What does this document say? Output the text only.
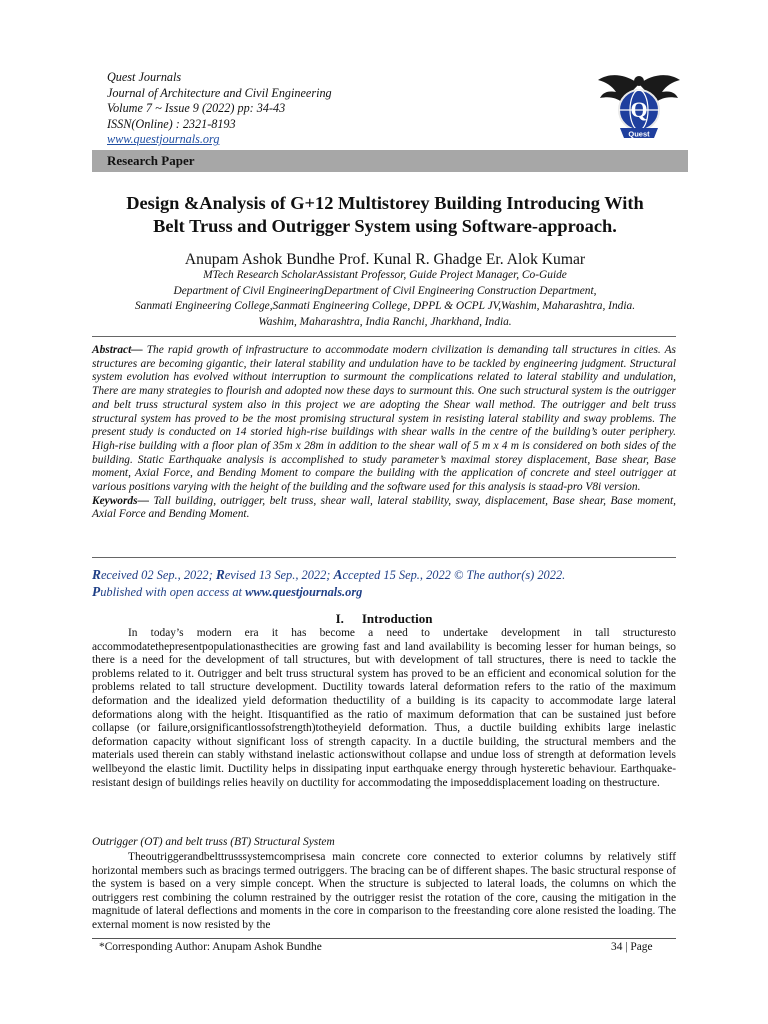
Quest Journals
Journal of Architecture and Civil Engineering
Volume 7 ~ Issue 9 (2022) pp: 34-43
ISSN(Online) : 2321-8193
www.questjournals.org
Q
Quest
Research Paper
Design &Analysis of G+12 Multistorey Building Introducing With
Belt Truss and Outrigger System using Software-approach.
Anupam Ashok Bundhe Prof. Kunal R. Ghadge Er. Alok Kumar
MTech Research ScholarAssistant Professor, Guide Project Manager, Co-Guide
Department of Civil EngineeringDepartment of Civil Engineering Construction Department,
Sanmati Engineering College,Sanmati Engineering College, DPPL & OCPL JV,Washim, Maharashtra, India.
Washim, Maharashtra, India Ranchi, Jharkhand, India.
Abstract— The rapid growth of infrastructure to accommodate modern civilization is demanding tall structures in cities. As structures are becoming gigantic, their lateral stability and undulation have to be tackled by engineering judgment. Structural system evolution has evolved without interruption to surmount the complications related to lateral stability and undulation, There are many strategies to flourish and adopted now these days to surmount this. One such structural system is the outrigger and belt truss structural system also in this project we are adopting the Shear wall method. The outrigger and belt truss structural system has proved to be the most promising structural system in resisting lateral stability and sway problems. The present study is conducted on 14 storied high-rise buildings with shear walls in the centre of the building’s outer periphery. High-rise building with a floor plan of 35m x 28m in addition to the shear wall of 5 m x 4 m is considered on both sides of the building. Static Earthquake analysis is accomplished to study parameter’s maximal storey displacement, Base shear, Base moment, Axial Force, and Bending Moment to compare the building with the application of concrete and steel outrigger at various positions varying with the height of the building and the software used for this analysis is staad-pro V8i version.
Keywords— Tall building, outrigger, belt truss, shear wall, lateral stability, sway, displacement, Base shear, Base moment, Axial Force and Bending Moment.
Received 02 Sep., 2022; Revised 13 Sep., 2022; Accepted 15 Sep., 2022 © The author(s) 2022.
Published with open access at www.questjournals.org
I. Introduction

In today’s modern era it has become a need to undertake development in tall structuresto accommodatethepresentpopulationasthecities are growing fast and land availability is becoming lesser for human beings, so there is a need for the development of tall structures, but with development of tall structures, there is need to tackle the problems related to it. Outrigger and belt truss structural system has proved to be an efficient and economical solution for the problems related to tall structure development. Ductility towards lateral deformation refers to the ratio of the maximum deformation and the idealized yield deformation theductility of a building is its capacity to accommodate large lateral deformations along with the height. Itisquantified as the ratio of maximum deformation that can be sustained just before collapse (or failure,orsignificantlossofstrength)totheyield deformation. Thus, a ductile building exhibits large inelastic deformation capacity without significant loss of strength capacity. In a ductile building, the structural members and the materials used therein can stably withstand inelastic actionswithout collapse and undue loss of strength at deformation levels wellbeyond the elastic limit. Ductility helps in dissipating input earthquake energy through hysteretic behaviour. Earthquake-resistant design of buildings relies heavily on ductility for accommodating the imposeddisplacement loading on thestructure.

Outrigger (OT) and belt truss (BT) Structural System

Theoutriggerandbelttrusssystemcomprisesa main concrete core connected to exterior columns by relatively stiff horizontal members such as bracings termed outriggers. The bracing can be of different shapes. The basic structural response of the system is based on a very simple concept. When the structure is subjected to lateral loads, the columns on which the outriggers rest combining the column restrained by the outrigger resist the rotation of the core, causing the mitigation in the magnitude of lateral deflections and moments in the core in comparison to the freestanding core alone resisted the loading. The external moment is now resisted by the

*Corresponding Author: Anupam Ashok Bundhe	34 | Page
